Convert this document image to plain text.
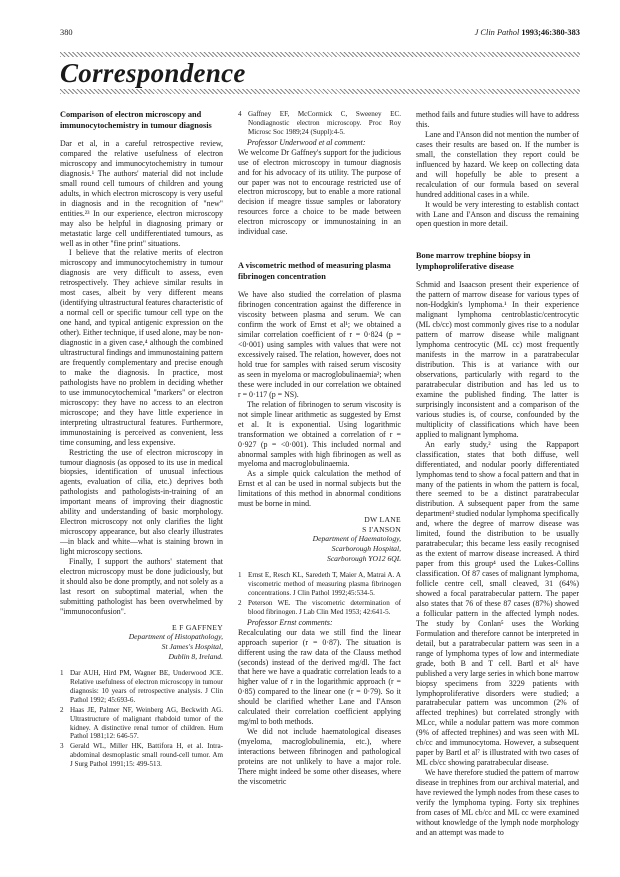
380	J Clin Pathol 1993;46:380-383
Correspondence
Comparison of electron microscopy and immunocytochemistry in tumour diagnosis

Dar et al, in a careful retrospective review, compared the relative usefulness of electron microscopy and immunocytochemistry in tumour diagnosis.¹ The authors' material did not include small round cell tumours of children and young adults, in which electron microscopy is very useful in diagnosis and in the recognition of "new" entities.²³ In our experience, electron microscopy may also be helpful in diagnosing primary or metastatic large cell undifferentiated tumours, as well as in other "fine print" situations.

I believe that the relative merits of electron microscopy and immunocytochemistry in tumour diagnosis are very difficult to assess, even retrospectively. They achieve similar results in most cases, albeit by very different means (identifying ultrastructural features characteristic of a normal cell or specific tumour cell type on the one hand, and typical antigenic expression on the other). Either technique, if used alone, may be non-diagnostic in a given case,⁴ although the combined ultrastructural findings and immunostaining pattern are frequently complementary and precise enough to make the diagnosis. In practice, most pathologists have no problem in deciding whether to use immunocytochemical "markers" or electron microscopy: they have no access to an electron microscope; and they have little experience in interpreting ultrastructural features. Furthermore, immunostaining is perceived as convenient, less time consuming, and less expensive.

Restricting the use of electron microscopy in tumour diagnosis (as opposed to its use in medical biopsies, identification of unusual infectious agents, evaluation of cilia, etc.) deprives both pathologists and pathologists-in-training of an important means of improving their diagnostic ability and understanding of basic morphology. Electron microscopy not only clarifies the light microscopy appearance, but also clearly illustrates—in black and white—what is staining brown in light microscopy sections.

Finally, I support the authors' statement that electron microscopy must be done judiciously, but it should also be done promptly, and not solely as a last resort on suboptimal material, when the submitting pathologist has been overwhelmed by "immunoconfusion".

E F GAFFNEY
Department of Histopathology,
St James's Hospital,
Dublin 8, Ireland.
1 Dar AUH, Hird PM, Wagner BE, Underwood JCE. Relative usefulness of electron microscopy in tumour diagnosis: 10 years of retrospective analysis. J Clin Pathol 1992; 45:693-6.
2 Haas JE, Palmer NF, Weinberg AG, Beckwith AG. Ultrastructure of malignant rhabdoid tumor of the kidney. A distinctive renal tumor of children. Hum Pathol 1981;12: 646-57.
3 Gerald WL, Miller HK, Battifora H, et al. Intra-abdominal desmoplastic small round-cell tumor. Am J Surg Pathol 1991;15: 499-513.
4 Gaffney EF, McCormick C, Sweeney EC. Nondiagnostic electron microscopy. Proc Roy Microsc Soc 1989;24 (Suppl):4-5.

Professor Underwood et al comment:

We welcome Dr Gaffney's support for the judicious use of electron microscopy in tumour diagnosis and for his advocacy of its utility. The purpose of our paper was not to encourage restricted use of electron microscopy, but to enable a more rational decision if meagre tissue samples or laboratory resources force a choice to be made between electron microscopy or immunostaining in an individual case.

A viscometric method of measuring plasma fibrinogen concentration

We have also studied the correlation of plasma fibrinogen concentration against the difference in viscosity between plasma and serum. We can confirm the work of Ernst et al¹; we obtained a similar correlation coefficient of r = 0·824 (p = <0·001) using samples with values that were not excessively raised. The relation, however, does not hold true for samples with raised serum viscosity as seen in myeloma or macroglobulinaemia²; when these were included in our correlation we obtained r = 0·117 (p = NS).

The relation of fibrinogen to serum viscosity is not simple linear arithmetic as suggested by Ernst et al. It is exponential. Using logarithmic transformation we obtained a correlation of r = 0·927 (p = <0·001). This included normal and abnormal samples with high fibrinogen as well as myeloma and macroglobulinaemia.

As a simple quick calculation the method of Ernst et al can be used in normal subjects but the limitations of this method in abnormal conditions must be borne in mind.

DW LANE
S I'ANSON
Department of Haematology,
Scarborough Hospital,
Scarborough YO12 6QL
1 Ernst E, Resch KL, Saredeth T, Maier A, Matrai A. A viscometric method of measuring plasma fibrinogen concentrations. J Clin Pathol 1992;45:534-5.
2 Peterson WE. The viscometric determination of blood fibrinogen. J Lab Clin Med 1953; 42:641-5.

Professor Ernst comments:

Recalculating our data we still find the linear approach superior (r = 0·87). The situation is different using the raw data of the Clauss method (seconds) instead of the derived mg/dl. The fact that here we have a quadratic correlation leads to a higher value of r in the logarithmic approach (r = 0·85) compared to the linear one (r = 0·79). So it should be clarified whether Lane and I'Anson calculated their correlation coefficient applying mg/ml to both methods.

We did not include haematological diseases (myeloma, macroglobulinemia, etc.), where interactions between fibrinogen and pathological proteins are not unlikely to have a major role. There might indeed be some other diseases, where the viscometric

method fails and future studies will have to address this.

Lane and I'Anson did not mention the number of cases their results are based on. If the number is small, the constellation they report could be influenced by hazard. We keep on collecting data and will hopefully be able to present a recalculation of our formula based on several hundred additional cases in a while.

It would be very interesting to establish contact with Lane and I'Anson and discuss the remaining open question in more detail.

Bone marrow trephine biopsy in lymphoproliferative disease

Schmid and Isaacson present their experience of the pattern of marrow disease for various types of non-Hodgkin's lymphoma.¹ In their experience malignant lymphoma centroblastic/centrocytic (ML cb/cc) most commonly gives rise to a nodular pattern of marrow disease while malignant lymphoma centrocytic (ML cc) most frequently manifests in the marrow in a paratrabecular distribution. This is at variance with our observations, particularly with regard to the paratrabecular distribution and has led us to examine the published finding. The latter is surprisingly inconsistent and a comparison of the various studies is, of course, confounded by the multiplicity of classifications which have been applied to malignant lymphoma.

An early study,² using the Rappaport classification, states that both diffuse, well differentiated, and nodular poorly differentiated lymphomas tend to show a focal pattern and that in many of the patients in whom the pattern is focal, there seemed to be a distinct paratrabecular distribution. A subsequent paper from the same department³ studied nodular lymphoma specifically and, where the degree of marrow disease was limited, found the distribution to be usually paratrabecular; this became less easily recognised as the extent of marrow disease increased. A third paper from this group⁴ used the Lukes-Collins classification. Of 87 cases of malignant lymphoma, follicle centre cell, small cleaved, 31 (64%) showed a focal paratrabecular pattern. The paper also states that 76 of these 87 cases (87%) showed a follicular pattern in the affected lymph nodes. The study by Conlan⁵ uses the Working Formulation and therefore cannot be interpreted in detail, but a paratrabecular pattern was seen in a range of lymphoma types of low and intermediate grade, both B and T cell. Bartl et al⁶ have published a very large series in which bone marrow biopsy specimens from 3229 patients with lymphoproliferative disorders were studied; a paratrabecular pattern was uncommon (2% of affected trephines) but correlated strongly with MLcc, while a nodular pattern was more common (9% of affected trephines) and was seen with ML cb/cc and immunocytoma. However, a subsequent paper by Bartl et al⁷ is illustrated with two cases of ML cb/cc showing paratrabecular disease.

We have therefore studied the pattern of marrow disease in trephines from our archival material, and have reviewed the lymph nodes from these cases to verify the lymphoma typing. Forty six trephines from cases of ML cb/cc and ML cc were examined without knowledge of the lymph node morphology and an attempt was made to
